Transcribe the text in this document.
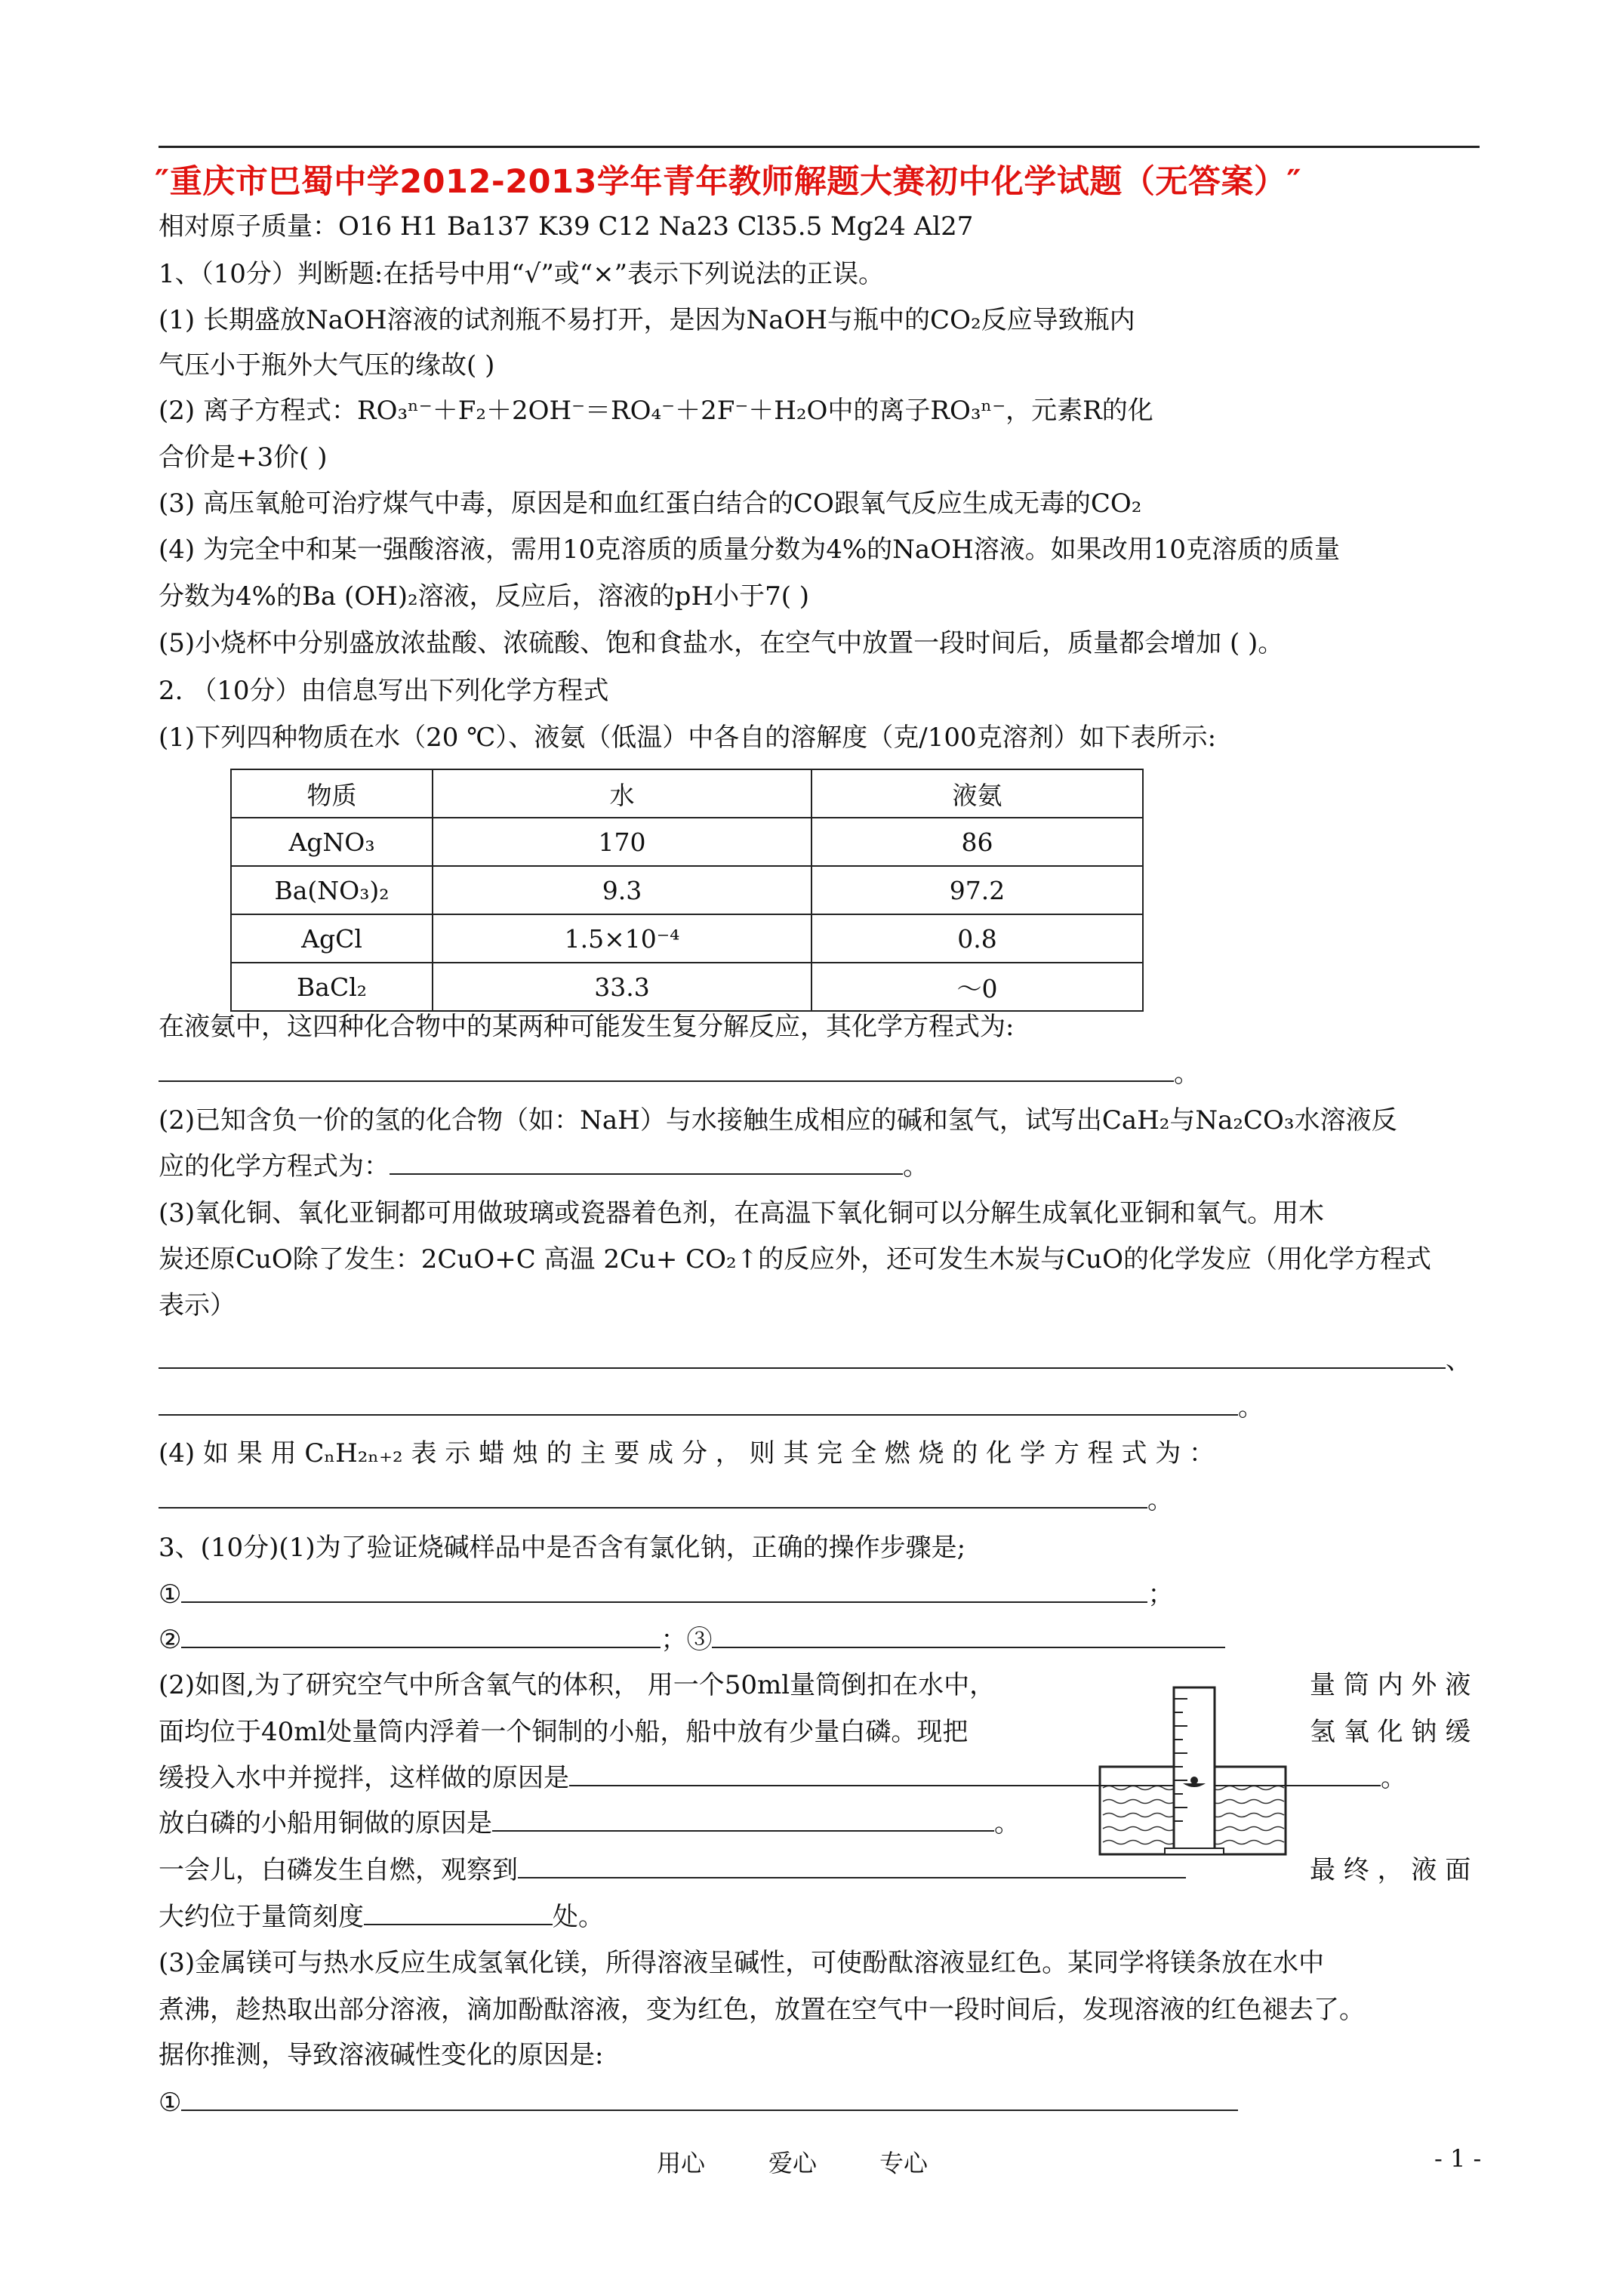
″重庆市巴蜀中学2012-2013学年青年教师解题大赛初中化学试题（无答案）″
相对原子质量：O16 H1 Ba137 K39 C12 Na23 Cl35.5 Mg24 Al27
1、（10分）判断题:在括号中用“√”或“×”表示下列说法的正误。
(1) 长期盛放NaOH溶液的试剂瓶不易打开，是因为NaOH与瓶中的CO₂反应导致瓶内
气压小于瓶外大气压的缘故( )
(2) 离子方程式：RO₃ⁿ⁻＋F₂＋2OH⁻＝RO₄⁻＋2F⁻＋H₂O中的离子RO₃ⁿ⁻，元素R的化
合价是+3价( )
(3) 高压氧舱可治疗煤气中毒，原因是和血红蛋白结合的CO跟氧气反应生成无毒的CO₂
(4) 为完全中和某一强酸溶液，需用10克溶质的质量分数为4%的NaOH溶液。如果改用10克溶质的质量
分数为4%的Ba (OH)₂溶液，反应后，溶液的pH小于7( )
(5)小烧杯中分别盛放浓盐酸、浓硫酸、饱和食盐水，在空气中放置一段时间后，质量都会增加 ( )。
2. （10分）由信息写出下列化学方程式
(1)下列四种物质在水（20 ℃）、液氨（低温）中各自的溶解度（克/100克溶剂）如下表所示:
物质	水	液氨
AgNO₃	170	86
Ba(NO₃)₂	9.3	97.2
AgCl	1.5×10⁻⁴	0.8
BaCl₂	33.3	～0
在液氨中，这四种化合物中的某两种可能发生复分解反应，其化学方程式为:
。
(2)已知含负一价的氢的化合物（如：NaH）与水接触生成相应的碱和氢气，试写出CaH₂与Na₂CO₃水溶液反
应的化学方程式为：	。
(3)氧化铜、氧化亚铜都可用做玻璃或瓷器着色剂，在高温下氧化铜可以分解生成氧化亚铜和氧气。用木
炭还原CuO除了发生：2CuO+C 高温 2Cu+ CO₂↑的反应外，还可发生木炭与CuO的化学发应（用化学方程式
表示）
、
。
(4) 如 果 用 CₙH₂ₙ₊₂ 表 示 蜡 烛 的 主 要 成 分 ， 则 其 完 全 燃 烧 的 化 学 方 程 式 为 ：
。
3、(10分)(1)为了验证烧碱样品中是否含有氯化钠，正确的操作步骤是;
①	；
②	；③
(2)如图,为了研究空气中所含氧气的体积， 用一个50ml量筒倒扣在水中，	量 筒 内 外 液
面均位于40ml处量筒内浮着一个铜制的小船，船中放有少量白磷。现把	氢 氧 化 钠 缓
缓投入水中并搅拌，这样做的原因是	。
放白磷的小船用铜做的原因是	。
一会儿，白磷发生自燃，观察到	最 终 ， 液 面
大约位于量筒刻度	处。
(3)金属镁可与热水反应生成氢氧化镁，所得溶液呈碱性，可使酚酞溶液显红色。某同学将镁条放在水中
煮沸，趁热取出部分溶液，滴加酚酞溶液，变为红色，放置在空气中一段时间后，发现溶液的红色褪去了。
据你推测，导致溶液碱性变化的原因是:
①
用心	爱心	专心	- 1 -
